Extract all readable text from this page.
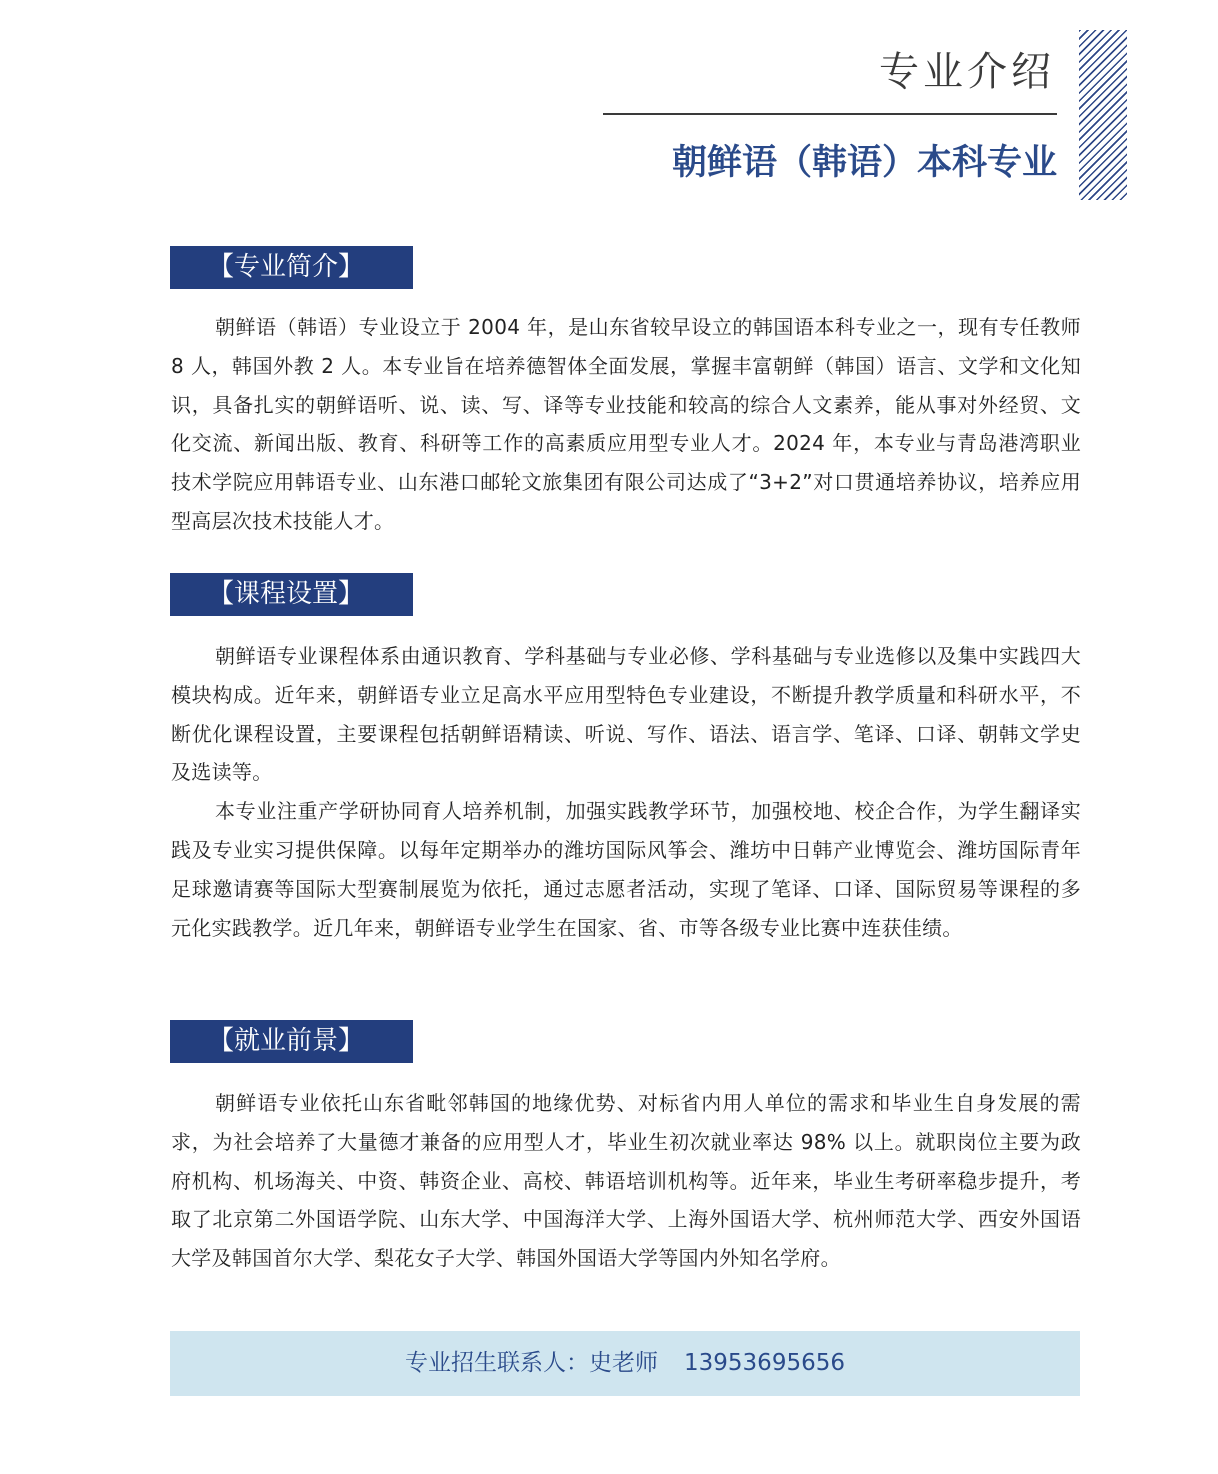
专业介绍
朝鲜语（韩语）本科专业
【专业简介】

朝鲜语（韩语）专业设立于 2004 年，是山东省较早设立的韩国语本科专业之一，现有专任教师 8 人，韩国外教 2 人。本专业旨在培养德智体全面发展，掌握丰富朝鲜（韩国）语言、文学和文化知识，具备扎实的朝鲜语听、说、读、写、译等专业技能和较高的综合人文素养，能从事对外经贸、文化交流、新闻出版、教育、科研等工作的高素质应用型专业人才。2024 年，本专业与青岛港湾职业技术学院应用韩语专业、山东港口邮轮文旅集团有限公司达成了“3+2”对口贯通培养协议，培养应用型高层次技术技能人才。

【课程设置】

朝鲜语专业课程体系由通识教育、学科基础与专业必修、学科基础与专业选修以及集中实践四大模块构成。近年来，朝鲜语专业立足高水平应用型特色专业建设，不断提升教学质量和科研水平，不断优化课程设置，主要课程包括朝鲜语精读、听说、写作、语法、语言学、笔译、口译、朝韩文学史及选读等。

本专业注重产学研协同育人培养机制，加强实践教学环节，加强校地、校企合作，为学生翻译实践及专业实习提供保障。以每年定期举办的潍坊国际风筝会、潍坊中日韩产业博览会、潍坊国际青年足球邀请赛等国际大型赛制展览为依托，通过志愿者活动，实现了笔译、口译、国际贸易等课程的多元化实践教学。近几年来，朝鲜语专业学生在国家、省、市等各级专业比赛中连获佳绩。

【就业前景】

朝鲜语专业依托山东省毗邻韩国的地缘优势、对标省内用人单位的需求和毕业生自身发展的需求，为社会培养了大量德才兼备的应用型人才，毕业生初次就业率达 98% 以上。就职岗位主要为政府机构、机场海关、中资、韩资企业、高校、韩语培训机构等。近年来，毕业生考研率稳步提升，考取了北京第二外国语学院、山东大学、中国海洋大学、上海外国语大学、杭州师范大学、西安外国语大学及韩国首尔大学、梨花女子大学、韩国外国语大学等国内外知名学府。

专业招生联系人：史老师 13953695656
